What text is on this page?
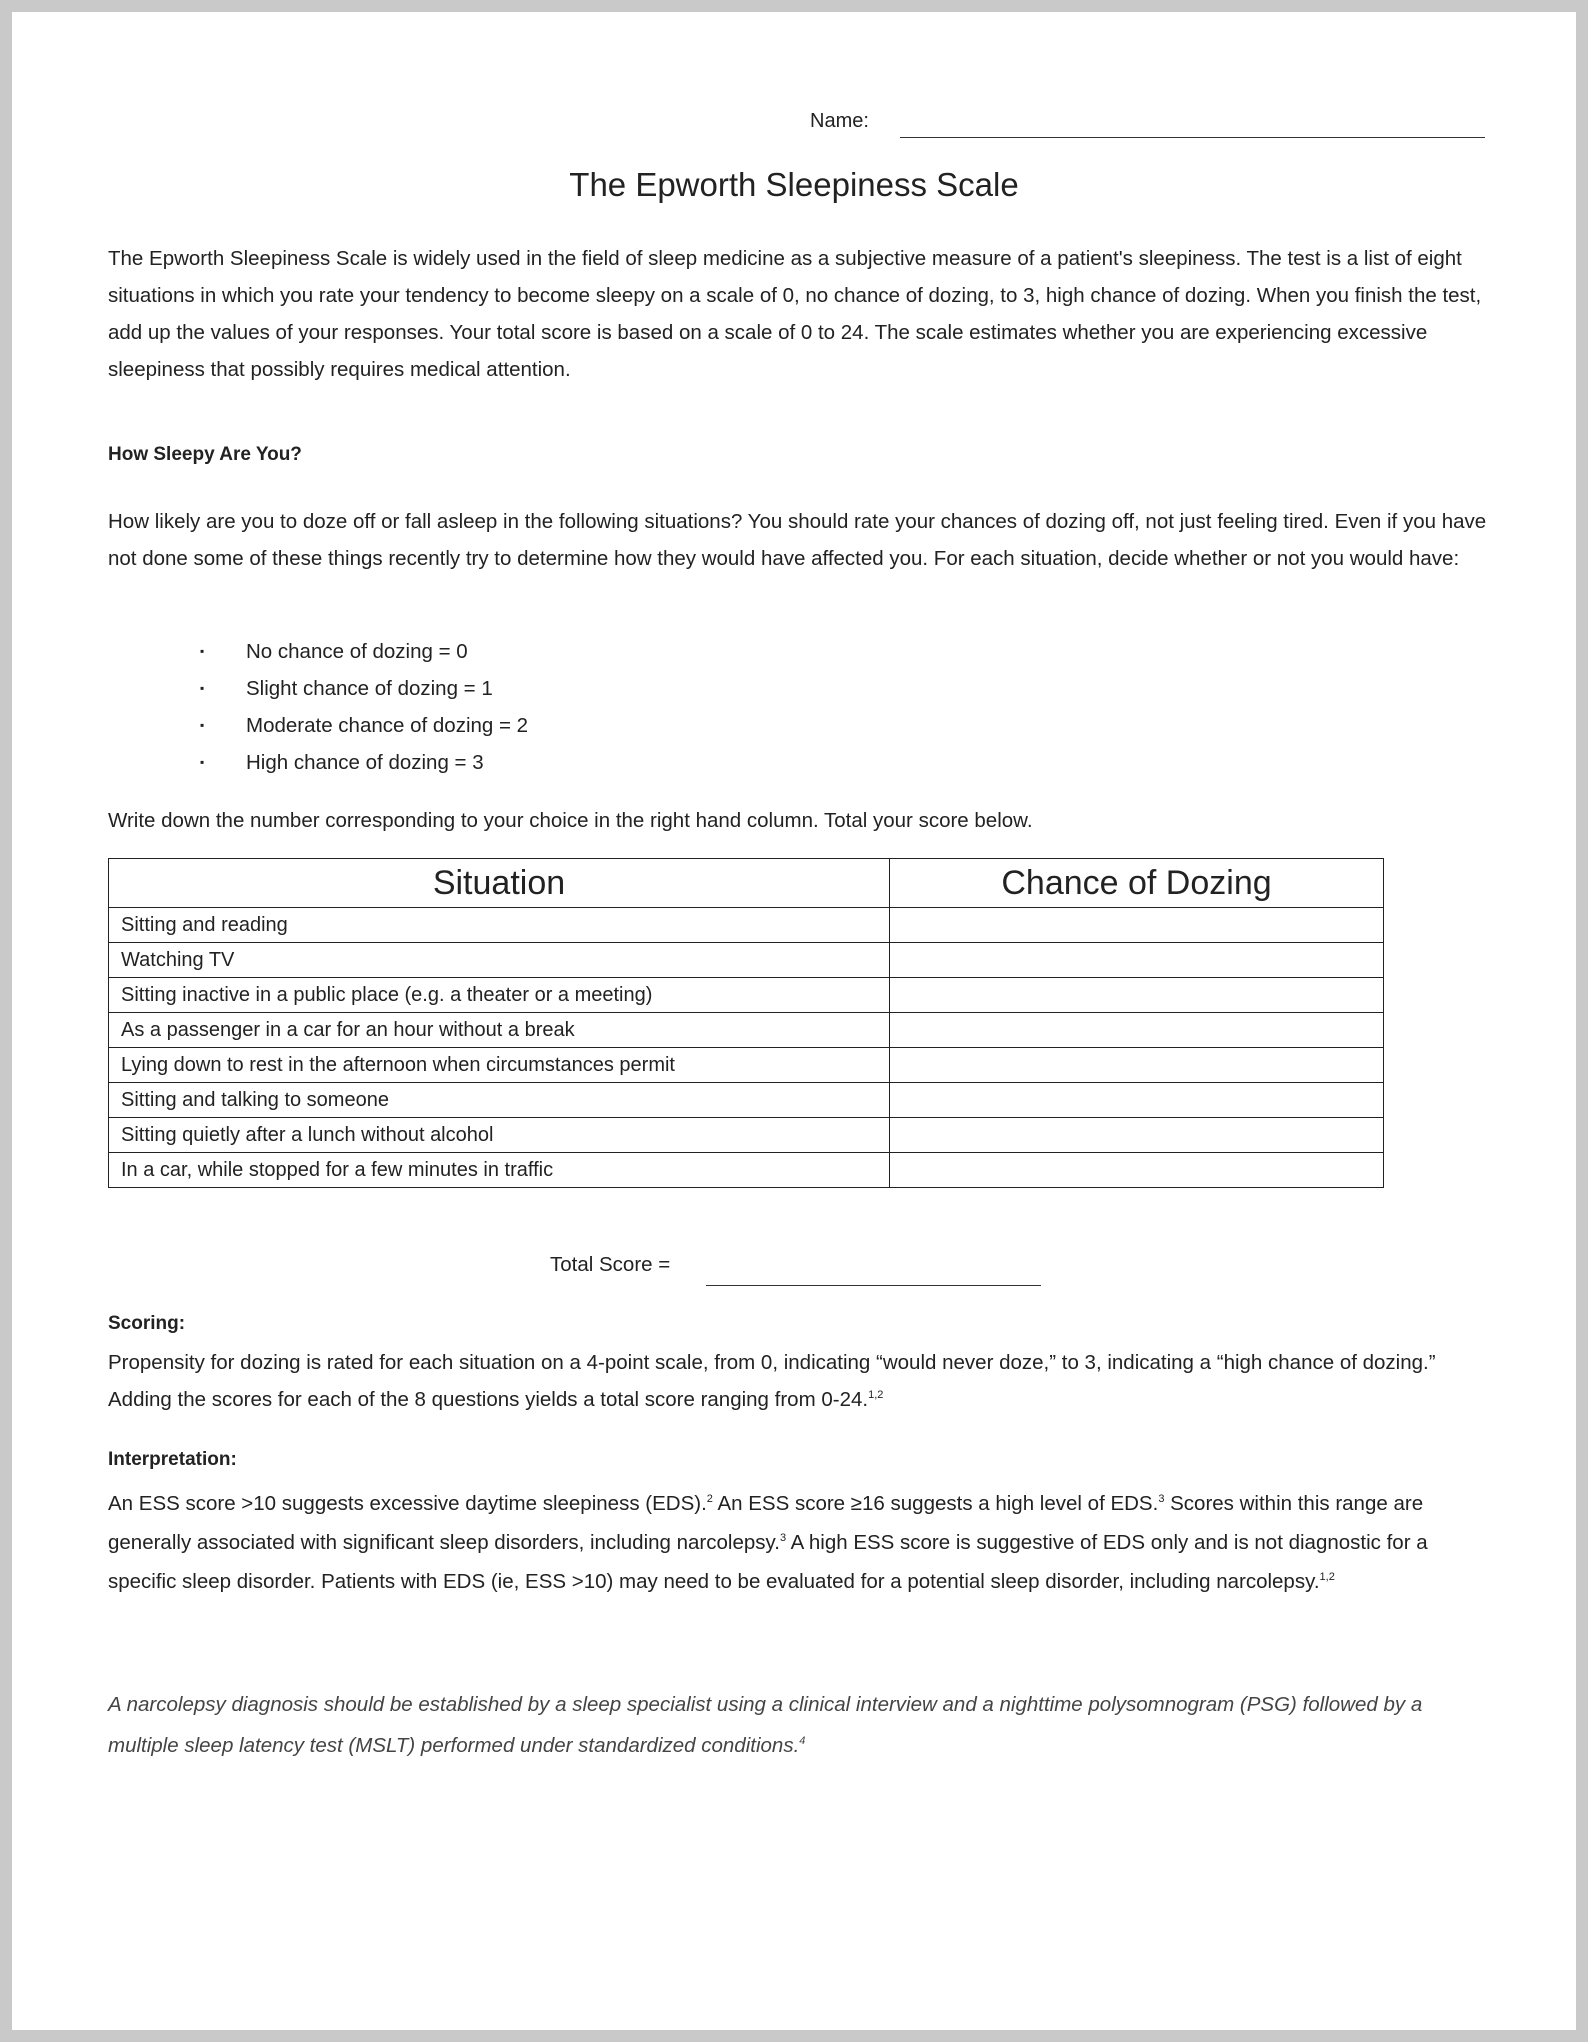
Name:
The Epworth Sleepiness Scale

The Epworth Sleepiness Scale is widely used in the field of sleep medicine as a subjective measure of a patient's sleepiness. The test is a list of eight situations in which you rate your tendency to become sleepy on a scale of 0, no chance of dozing, to 3, high chance of dozing. When you finish the test, add up the values of your responses. Your total score is based on a scale of 0 to 24. The scale estimates whether you are experiencing excessive sleepiness that possibly requires medical attention.

How Sleepy Are You?

How likely are you to doze off or fall asleep in the following situations? You should rate your chances of dozing off, not just feeling tired. Even if you have not done some of these things recently try to determine how they would have affected you. For each situation, decide whether or not you would have:

▪ No chance of dozing = 0
▪ Slight chance of dozing = 1
▪ Moderate chance of dozing = 2
▪ High chance of dozing = 3

Write down the number corresponding to your choice in the right hand column. Total your score below.

Situation	Chance of Dozing
Sitting and reading	
Watching TV	
Sitting inactive in a public place (e.g. a theater or a meeting)	
As a passenger in a car for an hour without a break	
Lying down to rest in the afternoon when circumstances permit	
Sitting and talking to someone	
Sitting quietly after a lunch without alcohol	
In a car, while stopped for a few minutes in traffic	
Total Score =
Scoring:

Propensity for dozing is rated for each situation on a 4-point scale, from 0, indicating “would never doze,” to 3, indicating a “high chance of dozing.” Adding the scores for each of the 8 questions yields a total score ranging from 0-24.$^{1,2}$

Interpretation:

An ESS score >10 suggests excessive daytime sleepiness (EDS).$^2$ An ESS score ≥16 suggests a high level of EDS.$^3$ Scores within this range are generally associated with significant sleep disorders, including narcolepsy.$^3$ A high ESS score is suggestive of EDS only and is not diagnostic for a specific sleep disorder. Patients with EDS (ie, ESS >10) may need to be evaluated for a potential sleep disorder, including narcolepsy.$^{1,2}$

A narcolepsy diagnosis should be established by a sleep specialist using a clinical interview and a nighttime polysomnogram (PSG) followed by a multiple sleep latency test (MSLT) performed under standardized conditions.$^4$
